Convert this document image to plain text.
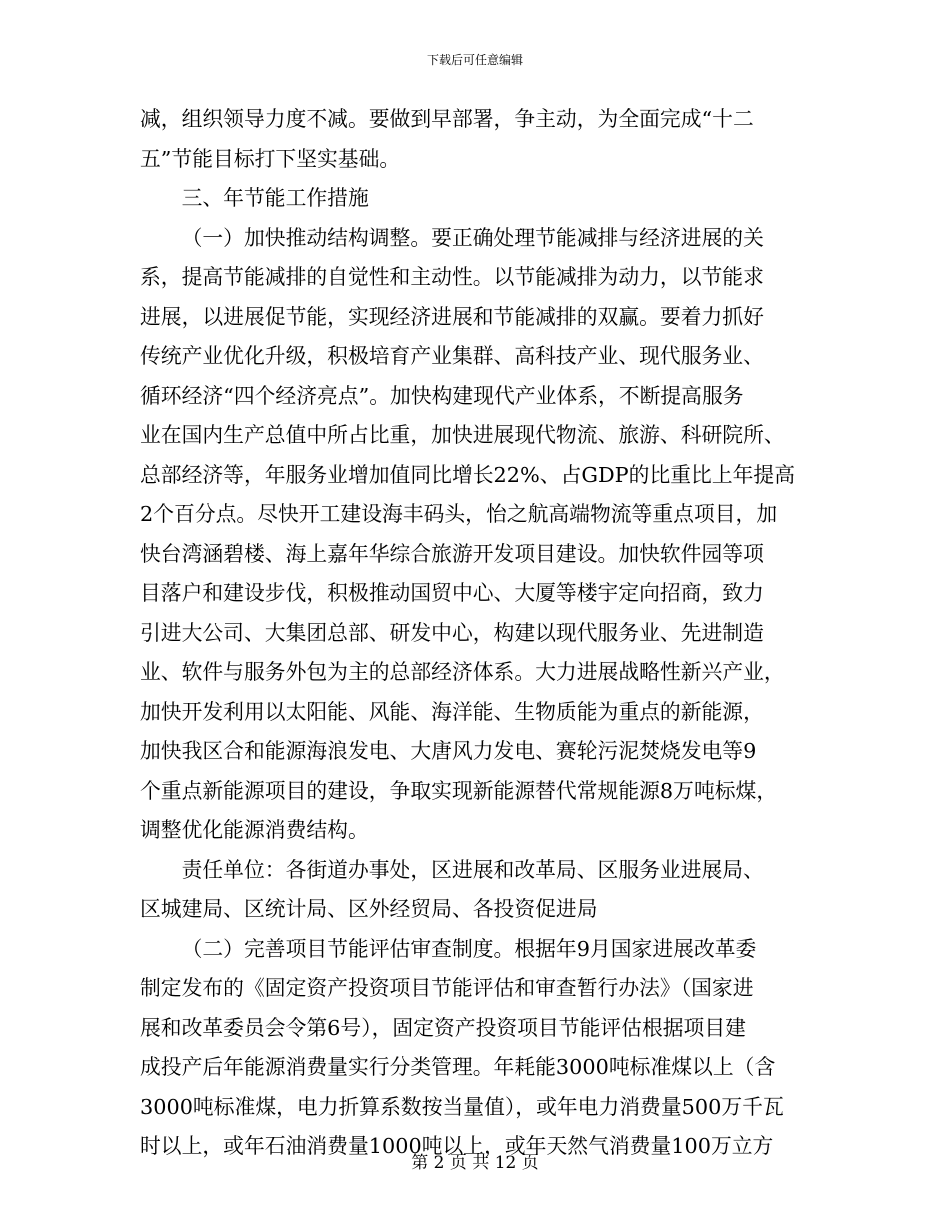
下载后可任意编辑
减，组织领导力度不减。要做到早部署，争主动，为全面完成“十二
五”节能目标打下坚实基础。
三、年节能工作措施
（一）加快推动结构调整。要正确处理节能减排与经济进展的关
系，提高节能减排的自觉性和主动性。以节能减排为动力，以节能求
进展，以进展促节能，实现经济进展和节能减排的双赢。要着力抓好
传统产业优化升级，积极培育产业集群、高科技产业、现代服务业、
循环经济“四个经济亮点”。加快构建现代产业体系，不断提高服务
业在国内生产总值中所占比重，加快进展现代物流、旅游、科研院所、
总部经济等，年服务业增加值同比增长22%、占GDP的比重比上年提高
2个百分点。尽快开工建设海丰码头，怡之航高端物流等重点项目，加
快台湾涵碧楼、海上嘉年华综合旅游开发项目建设。加快软件园等项
目落户和建设步伐，积极推动国贸中心、大厦等楼宇定向招商，致力
引进大公司、大集团总部、研发中心，构建以现代服务业、先进制造
业、软件与服务外包为主的总部经济体系。大力进展战略性新兴产业，
加快开发利用以太阳能、风能、海洋能、生物质能为重点的新能源，
加快我区合和能源海浪发电、大唐风力发电、赛轮污泥焚烧发电等9
个重点新能源项目的建设，争取实现新能源替代常规能源8万吨标煤，
调整优化能源消费结构。
责任单位：各街道办事处，区进展和改革局、区服务业进展局、
区城建局、区统计局、区外经贸局、各投资促进局
（二）完善项目节能评估审查制度。根据年9月国家进展改革委
制定发布的《固定资产投资项目节能评估和审查暂行办法》（国家进
展和改革委员会令第6号），固定资产投资项目节能评估根据项目建
成投产后年能源消费量实行分类管理。年耗能3000吨标准煤以上（含
3000吨标准煤，电力折算系数按当量值），或年电力消费量500万千瓦
时以上，或年石油消费量1000吨以上，或年天然气消费量100万立方
第 2 页 共 12 页
